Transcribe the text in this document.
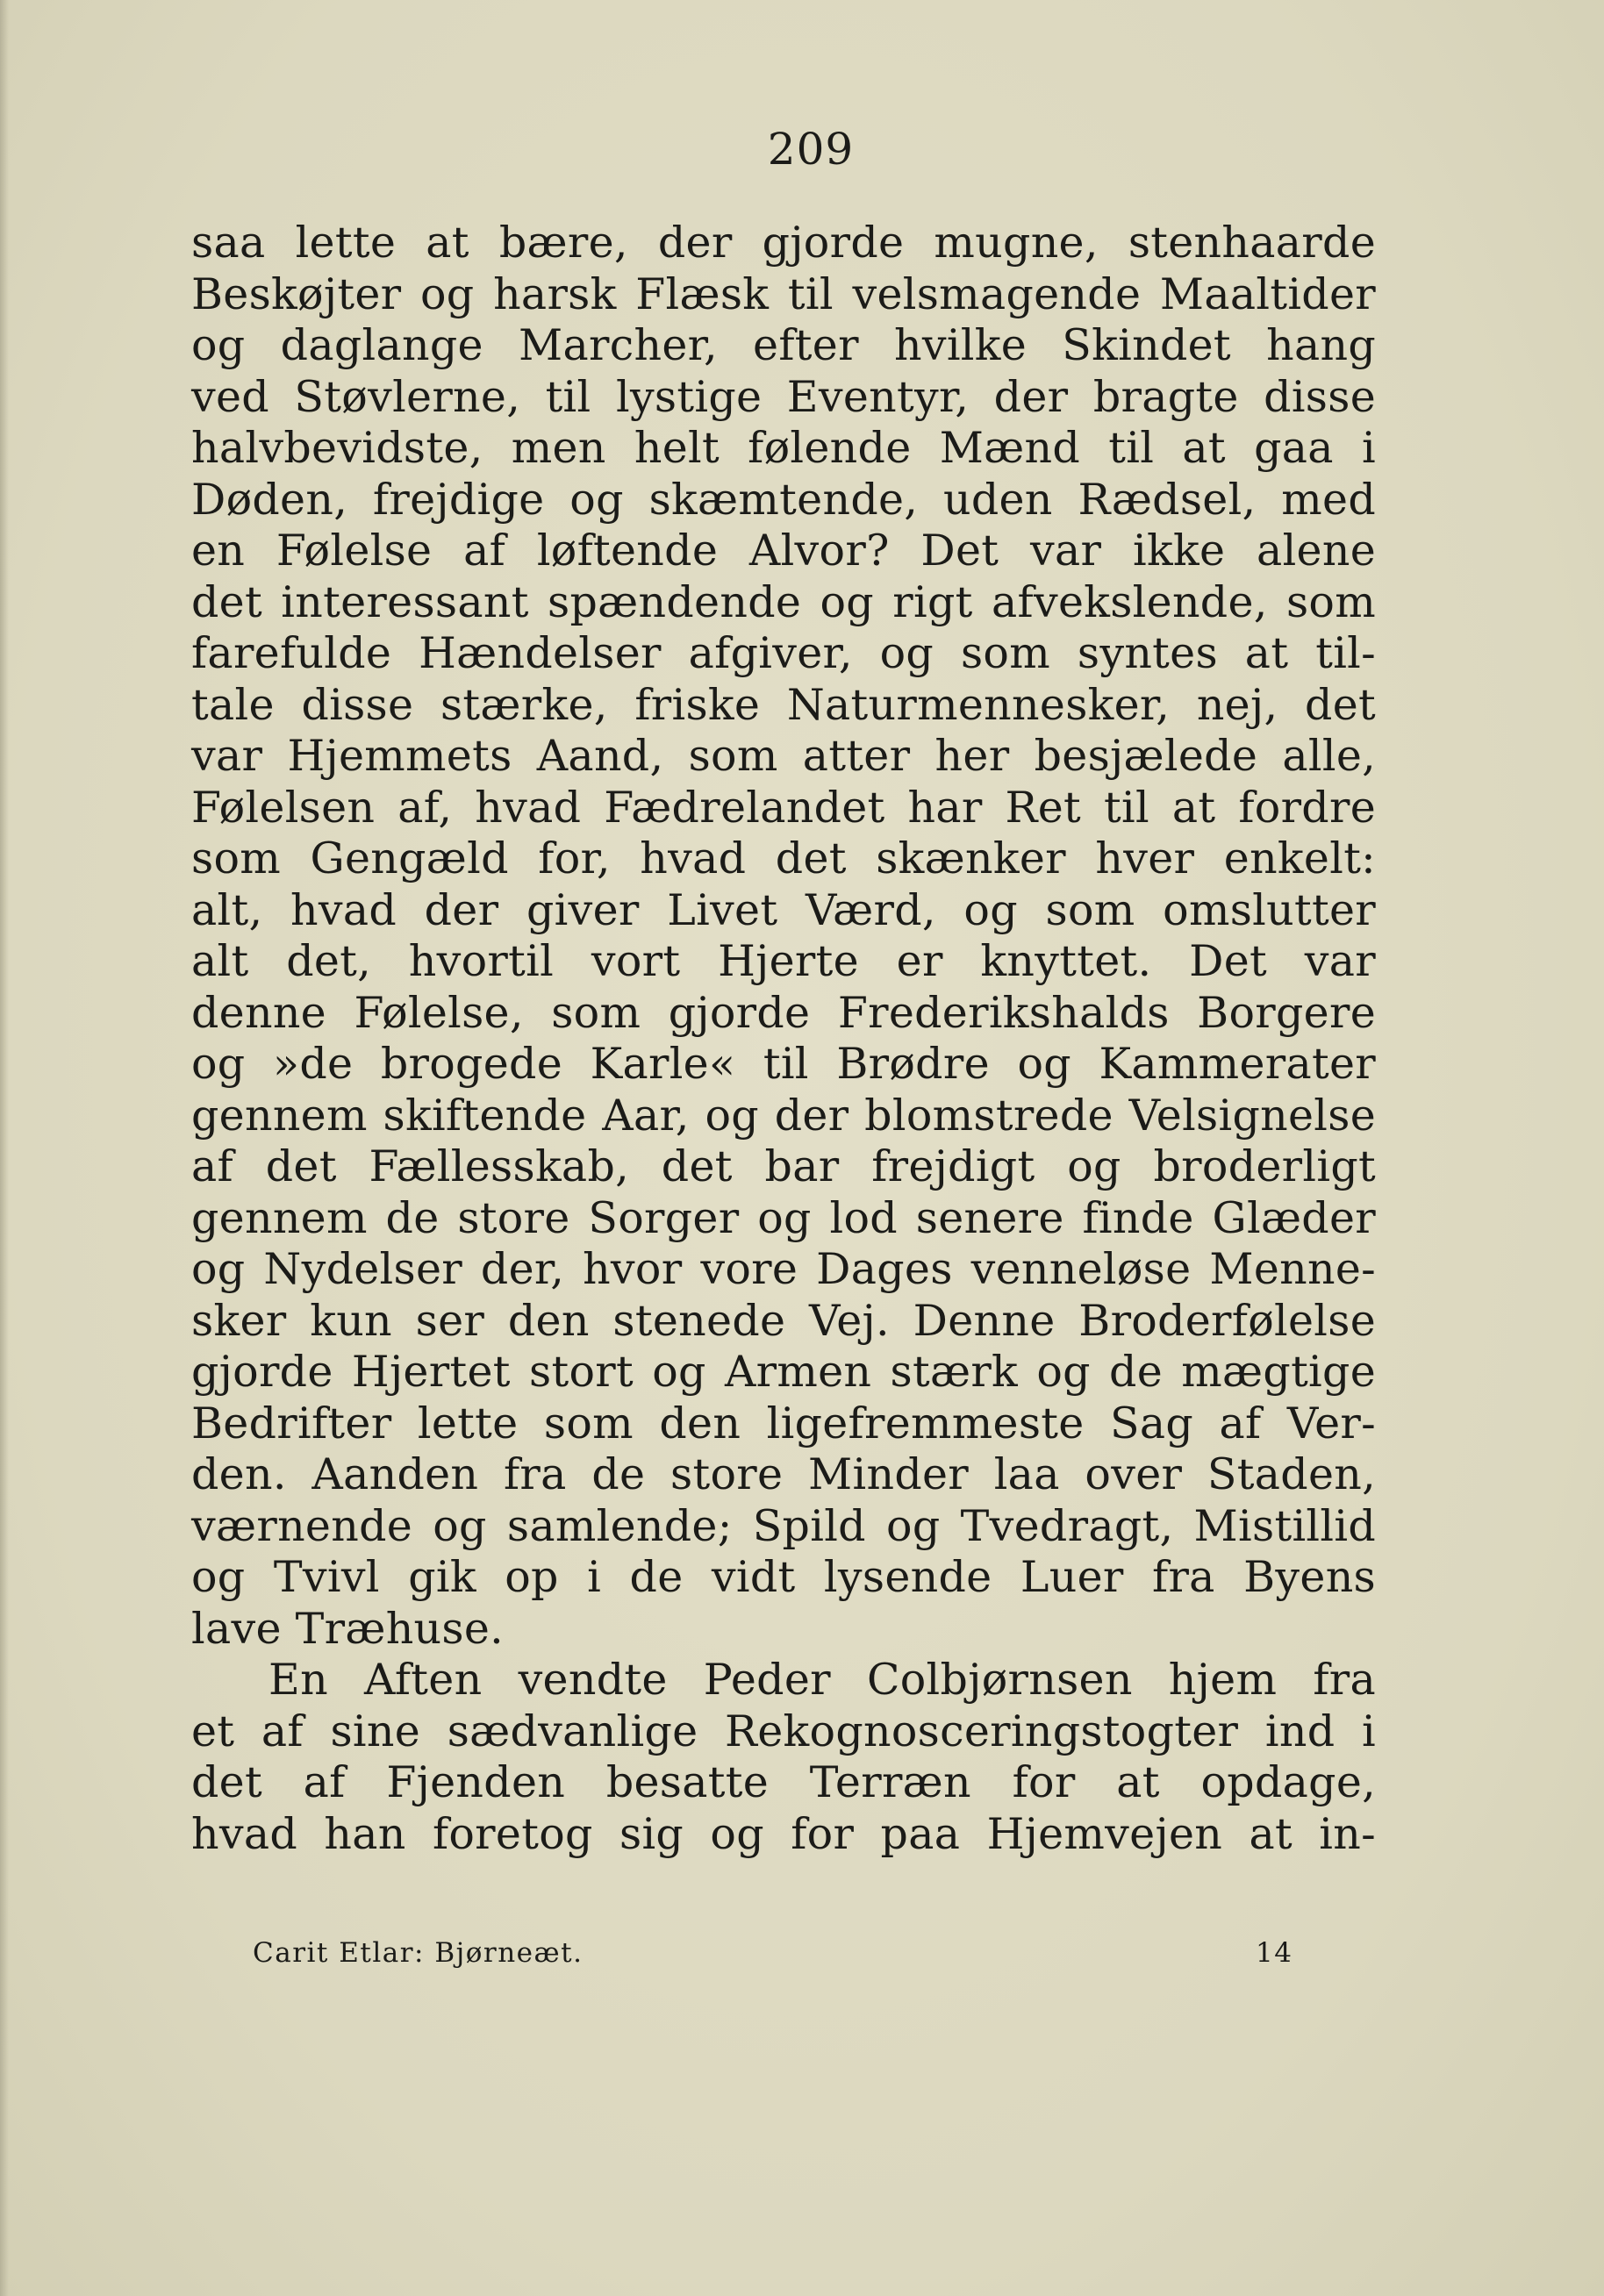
209
saa lette at bære, der gjorde mugne, stenhaarde
Beskøjter og harsk Flæsk til velsmagende Maaltider
og daglange Marcher, efter hvilke Skindet hang
ved Støvlerne, til lystige Eventyr, der bragte disse
halvbevidste, men helt følende Mænd til at gaa i
Døden, frejdige og skæmtende, uden Rædsel, med
en Følelse af løftende Alvor? Det var ikke alene
det interessant spændende og rigt afvekslende, som
farefulde Hændelser afgiver, og som syntes at til-
tale disse stærke, friske Naturmennesker, nej, det
var Hjemmets Aand, som atter her besjælede alle,
Følelsen af, hvad Fædrelandet har Ret til at fordre
som Gengæld for, hvad det skænker hver enkelt:
alt, hvad der giver Livet Værd, og som omslutter
alt det, hvortil vort Hjerte er knyttet. Det var
denne Følelse, som gjorde Frederikshalds Borgere
og »de brogede Karle« til Brødre og Kammerater
gennem skiftende Aar, og der blomstrede Velsignelse
af det Fællesskab, det bar frejdigt og broderligt
gennem de store Sorger og lod senere finde Glæder
og Nydelser der, hvor vore Dages venneløse Menne-
sker kun ser den stenede Vej. Denne Broderfølelse
gjorde Hjertet stort og Armen stærk og de mægtige
Bedrifter lette som den ligefremmeste Sag af Ver-
den. Aanden fra de store Minder laa over Staden,
værnende og samlende; Spild og Tvedragt, Mistillid
og Tvivl gik op i de vidt lysende Luer fra Byens
lave Træhuse.
En Aften vendte Peder Colbjørnsen hjem fra
et af sine sædvanlige Rekognosceringstogter ind i
det af Fjenden besatte Terræn for at opdage,
hvad han foretog sig og for paa Hjemvejen at in-
Carit Etlar: Bjørneæt.	14
